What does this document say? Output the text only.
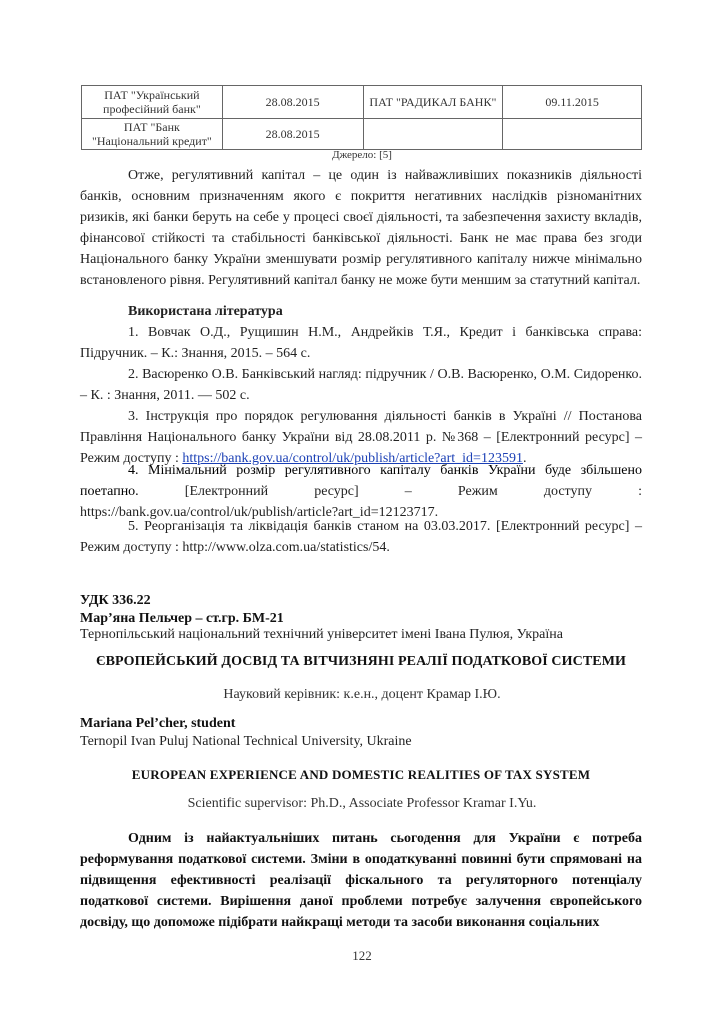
ПАТ "Український професійний банк"	28.08.2015	ПАТ "РАДИКАЛ БАНК"	09.11.2015
ПАТ "Банк "Національний кредит"	28.08.2015		
Джерело: [5]
Отже, регулятивний капітал – це один із найважливіших показників діяльності банків, основним призначенням якого є покриття негативних наслідків різноманітних ризиків, які банки беруть на себе у процесі своєї діяльності, та забезпечення захисту вкладів, фінансової стійкості та стабільності банківської діяльності. Банк не має права без згоди Національного банку України зменшувати розмір регулятивного капіталу нижче мінімально встановленого рівня. Регулятивний капітал банку не може бути меншим за статутний капітал.
Використана література

1. Вовчак О.Д., Рущишин Н.М., Андрейків Т.Я., Кредит і банківська справа: Підручник. – К.: Знання, 2015. – 564 с.

2. Васюренко О.В. Банківський нагляд: підручник / О.В. Васюренко, О.М. Сидоренко. – К. : Знання, 2011. — 502 с.

3. Інструкція про порядок регулювання діяльності банків в Україні // Постанова Правління Національного банку України від 28.08.2011 р. №368 – [Електронний ресурс] – Режим доступу : https://bank.gov.ua/control/uk/publish/article?art_id=123591.

4. Мінімальний розмір регулятивного капіталу банків України буде збільшено поетапно. [Електронний ресурс] – Режим доступу : https://bank.gov.ua/control/uk/publish/article?art_id=12123717.

5. Реорганізація та ліквідація банків станом на 03.03.2017. [Електронний ресурс] – Режим доступу : http://www.olza.com.ua/statistics/54.

УДК 336.22
Мар’яна Пельчер – ст.гр. БМ-21
Тернопільський національний технічний університет імені Івана Пулюя, Україна
ЄВРОПЕЙСЬКИЙ ДОСВІД ТА ВІТЧИЗНЯНІ РЕАЛІЇ ПОДАТКОВОЇ СИСТЕМИ
Науковий керівник: к.е.н., доцент Крамар І.Ю.
Mariana Pel’cher, student
Ternopil Ivan Puluj National Technical University, Ukraine
EUROPEAN EXPERIENCE AND DOMESTIC REALITIES OF TAX SYSTEM
Scientific supervisor: Ph.D., Associate Professor Kramar I.Yu.
Одним із найактуальніших питань сьогодення для України є потреба реформування податкової системи. Зміни в оподаткуванні повинні бути спрямовані на підвищення ефективності реалізації фіскального та регуляторного потенціалу податкової системи. Вирішення даної проблеми потребує залучення європейського досвіду, що допоможе підібрати найкращі методи та засоби виконання соціальних
122
